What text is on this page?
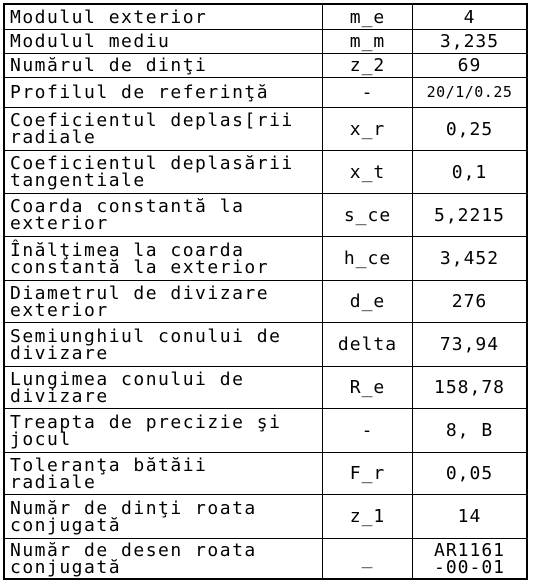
Modulul exterior	m_e	4
Modulul mediu	m_m	3,235
Numărul de dinţi	z_2	69
Profilul de referinţă	-	20/1/0.25
Coeficientul deplas[rii
radiale	x_r	0,25
Coeficientul deplasării
tangentiale	x_t	0,1
Coarda constantă la
exterior	s_ce	5,2215
Înălţimea la coarda
constantă la exterior	h_ce	3,452
Diametrul de divizare
exterior	d_e	276
Semiunghiul conului de
divizare	delta	73,94
Lungimea conului de
divizare	R_e	158,78
Treapta de precizie şi
jocul	-	8, B
Toleranţa bătăii
radiale	F_r	0,05
Număr de dinţi roata
conjugată	z_1	14
Număr de desen roata
conjugată	_	AR1161
-00-01
